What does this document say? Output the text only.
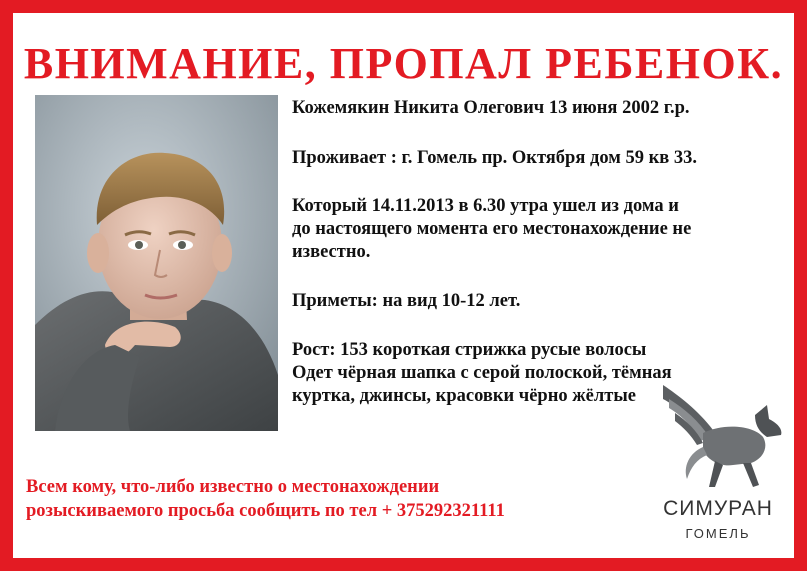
ВНИМАНИЕ, ПРОПАЛ РЕБЕНОК.

Кожемякин Никита Олегович 13 июня 2002 г.р.

Проживает : г. Гомель пр. Октября дом 59 кв 33.

Который 14.11.2013 в 6.30 утра ушел из дома и

до настоящего момента его местонахождение не

известно.

Приметы: на вид 10-12 лет.

Рост: 153 короткая стрижка русые волосы

Одет чёрная шапка с серой полоской, тёмная

куртка, джинсы, красовки чёрно жёлтые

Всем кому, что-либо известно о местонахождении

розыскиваемого просьба сообщить по тел + 375292321111	СИМУРАН
ГОМЕЛЬ
